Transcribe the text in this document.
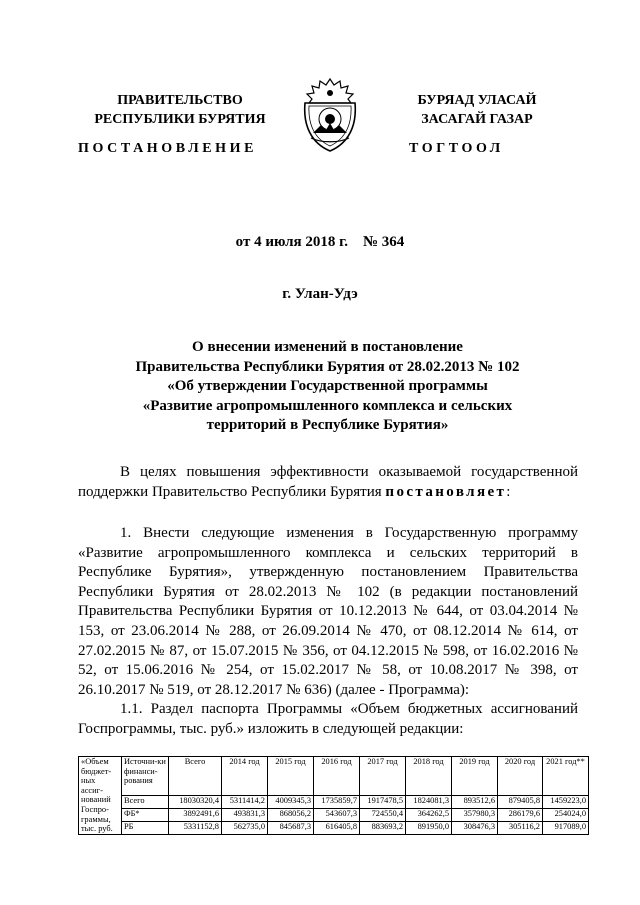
ПРАВИТЕЛЬСТВО
РЕСПУБЛИКИ БУРЯТИЯ
БУРЯАД УЛАСАЙ
ЗАСАГАЙ ГАЗАР
ПОСТАНОВЛЕНИЕ	ТОГТООЛ
от 4 июля 2018 г.    № 364
г. Улан-Удэ
О внесении изменений в постановление
Правительства Республики Бурятия от 28.02.2013 № 102
«Об утверждении Государственной программы
«Развитие агропромышленного комплекса и сельских
территорий в Республике Бурятия»

В целях повышения эффективности оказываемой государственной поддержки Правительство Республики Бурятия постановляет:

1. Внести следующие изменения в Государственную программу «Развитие агропромышленного комплекса и сельских территорий в Республике Бурятия», утвержденную постановлением Правительства Республики Бурятия от 28.02.2013 № 102 (в редакции постановлений Правительства Республики Бурятия от 10.12.2013 № 644, от 03.04.2014 № 153, от 23.06.2014 № 288, от 26.09.2014 № 470, от 08.12.2014 № 614, от 27.02.2015 № 87, от 15.07.2015 № 356, от 04.12.2015 № 598, от 16.02.2016 № 52, от 15.06.2016 № 254, от 15.02.2017 № 58, от 10.08.2017 № 398, от 26.10.2017 № 519, от 28.12.2017 № 636) (далее - Программа):

1.1. Раздел паспорта Программы «Объем бюджетных ассигнований Госпрограммы, тыс. руб.» изложить в следующей редакции:

«Объем бюджет-ных ассиг-нований Госпро-граммы, тыс. руб.	Источни-ки финанси-рования	Всего	2014 год	2015 год	2016 год	2017 год	2018 год	2019 год	2020 год	2021 год**
	Всего	18030320,4	5311414,2	4009345,3	1735859,7	1917478,5	1824081,3	893512,6	879405,8	1459223,0
	ФБ*	3892491,6	493831,3	868056,2	543607,3	724550,4	364262,5	357980,3	286179,6	254024,0
	РБ	5331152,8	562735,0	845687,3	616405,8	883693,2	891950,0	308476,3	305116,2	917089,0
